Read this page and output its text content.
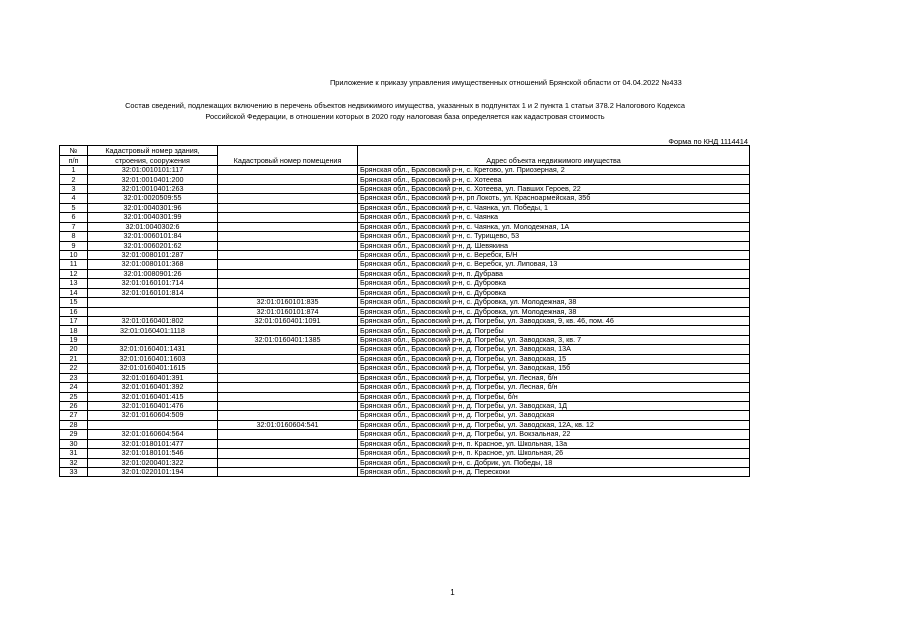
Приложение к приказу управления имущественных отношений Брянской области от 04.04.2022 №433
Состав сведений, подлежащих включению в перечень объектов недвижимого имущества, указанных в подпунктах 1 и 2 пункта 1 статьи 378.2 Налогового Кодекса
Российской Федерации, в отношении которых в 2020 году налоговая база определяется как кадастровая стоимость
Форма по КНД 1114414
№	Кадастровый номер здания,	Кадастровый номер помещения	Адрес объекта недвижимого имущества
п/п	строения, сооружения		
1	32:01:0010101:117		Брянская обл., Брасовский р-н, с. Кретово, ул. Приозерная, 2
2	32:01:0010401:200		Брянская обл., Брасовский р-н, с. Хотеева
3	32:01:0010401:263		Брянская обл., Брасовский р-н, с. Хотеева, ул. Павших Героев, 22
4	32:01:0020509:55		Брянская обл., Брасовский р-н, рп Локоть, ул. Красноармейская, 35б
5	32:01:0040301:96		Брянская обл., Брасовский р-н, с. Чаянка, ул. Победы, 1
6	32:01:0040301:99		Брянская обл., Брасовский р-н, с. Чаянка
7	32:01:0040302:6		Брянская обл., Брасовский р-н, с. Чаянка, ул. Молодежная, 1А
8	32:01:0060101:84		Брянская обл., Брасовский р-н, с. Турищево, 53
9	32:01:0060201:62		Брянская обл., Брасовский р-н, д. Шевякина
10	32:01:0080101:287		Брянская обл., Брасовский р-н, с. Веребск, Б/Н
11	32:01:0080101:368		Брянская обл., Брасовский р-н, с. Веребск, ул. Липовая, 13
12	32:01:0080901:26		Брянская обл., Брасовский р-н, п. Дубрава
13	32:01:0160101:714		Брянская обл., Брасовский р-н, с. Дубровка
14	32:01:0160101:814		Брянская обл., Брасовский р-н, с. Дубровка
15		32:01:0160101:835	Брянская обл., Брасовский р-н, с. Дубровка, ул. Молодежная, 38
16		32:01:0160101:874	Брянская обл., Брасовский р-н, с. Дубровка, ул. Молодежная, 38
17	32:01:0160401:802	32:01:0160401:1091	Брянская обл., Брасовский р-н, д. Погребы, ул. Заводская, 9, кв. 46, пом. 46
18	32:01:0160401:1118		Брянская обл., Брасовский р-н, д. Погребы
19		32:01:0160401:1385	Брянская обл., Брасовский р-н, д. Погребы, ул. Заводская, 3, кв. 7
20	32:01:0160401:1431		Брянская обл., Брасовский р-н, д. Погребы, ул. Заводская, 13А
21	32:01:0160401:1603		Брянская обл., Брасовский р-н, д. Погребы, ул. Заводская, 15
22	32:01:0160401:1615		Брянская обл., Брасовский р-н, д. Погребы, ул. Заводская, 15б
23	32:01:0160401:391		Брянская обл., Брасовский р-н, д. Погребы, ул. Лесная, б/н
24	32:01:0160401:392		Брянская обл., Брасовский р-н, д. Погребы, ул. Лесная, б/н
25	32:01:0160401:415		Брянская обл., Брасовский р-н, д. Погребы, б/н
26	32:01:0160401:476		Брянская обл., Брасовский р-н, д. Погребы, ул. Заводская, 1Д
27	32:01:0160604:509		Брянская обл., Брасовский р-н, д. Погребы, ул. Заводская
28		32:01:0160604:541	Брянская обл., Брасовский р-н, д. Погребы, ул. Заводская, 12А, кв. 12
29	32:01:0160604:564		Брянская обл., Брасовский р-н, д. Погребы, ул. Вокзальная, 22
30	32:01:0180101:477		Брянская обл., Брасовский р-н, п. Красное, ул. Школьная, 13а
31	32:01:0180101:546		Брянская обл., Брасовский р-н, п. Красное, ул. Школьная, 26
32	32:01:0200401:322		Брянская обл., Брасовский р-н, с. Добрик, ул. Победы, 18
33	32:01:0220101:194		Брянская обл., Брасовский р-н, д. Перескоки
1
